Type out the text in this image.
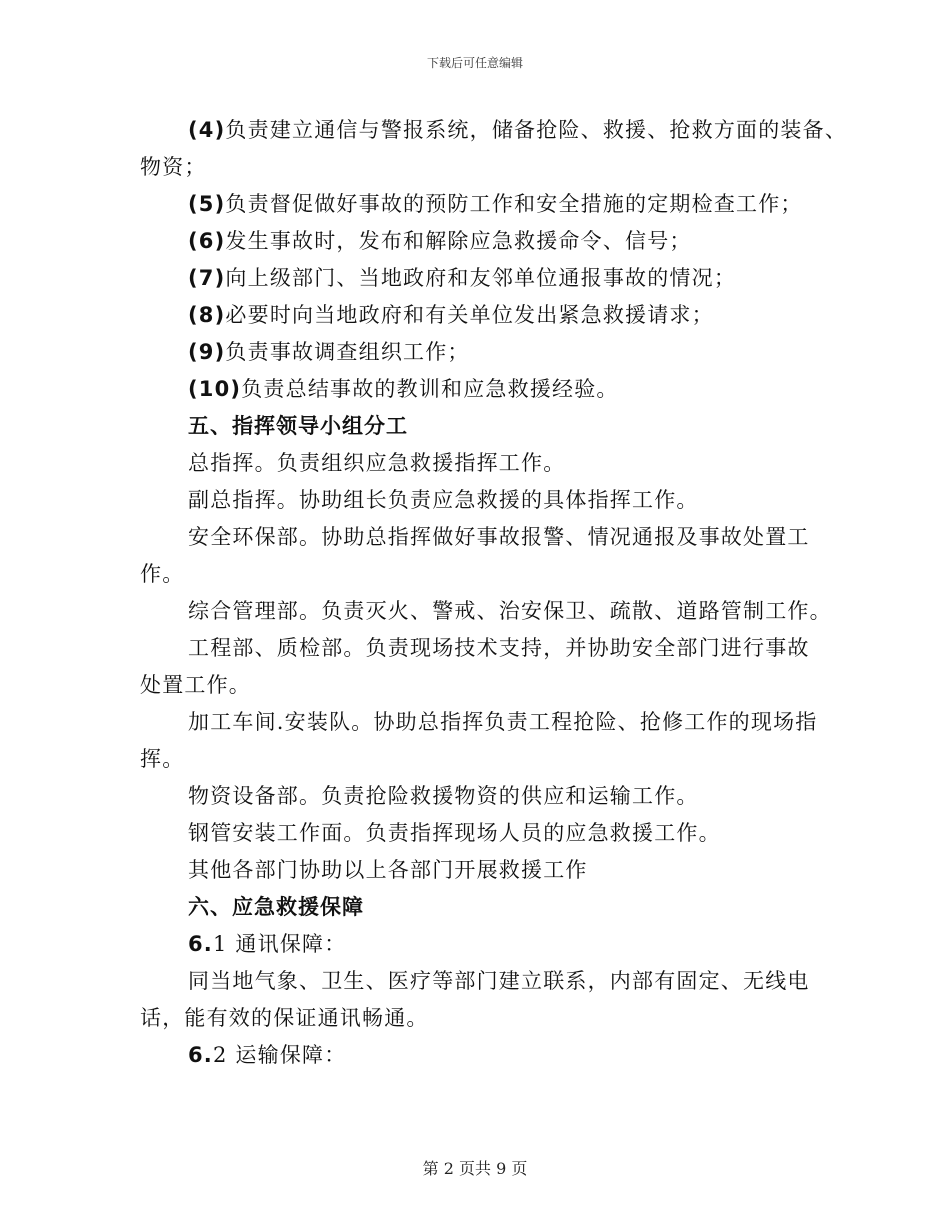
下载后可任意编辑
(4)负责建立通信与警报系统，储备抢险、救援、抢救方面的装备、
物资；
(5)负责督促做好事故的预防工作和安全措施的定期检查工作；
(6)发生事故时，发布和解除应急救援命令、信号；
(7)向上级部门、当地政府和友邻单位通报事故的情况；
(8)必要时向当地政府和有关单位发出紧急救援请求；
(9)负责事故调查组织工作；
(10)负责总结事故的教训和应急救援经验。
五、指挥领导小组分工
总指挥。负责组织应急救援指挥工作。
副总指挥。协助组长负责应急救援的具体指挥工作。
安全环保部。协助总指挥做好事故报警、情况通报及事故处置工
作。
综合管理部。负责灭火、警戒、治安保卫、疏散、道路管制工作。
工程部、质检部。负责现场技术支持，并协助安全部门进行事故
处置工作。
加工车间.安装队。协助总指挥负责工程抢险、抢修工作的现场指
挥。
物资设备部。负责抢险救援物资的供应和运输工作。
钢管安装工作面。负责指挥现场人员的应急救援工作。
其他各部门协助以上各部门开展救援工作
六、应急救援保障
6.1 通讯保障：
同当地气象、卫生、医疗等部门建立联系，内部有固定、无线电
话，能有效的保证通讯畅通。
6.2 运输保障：
第 2 页共 9 页
